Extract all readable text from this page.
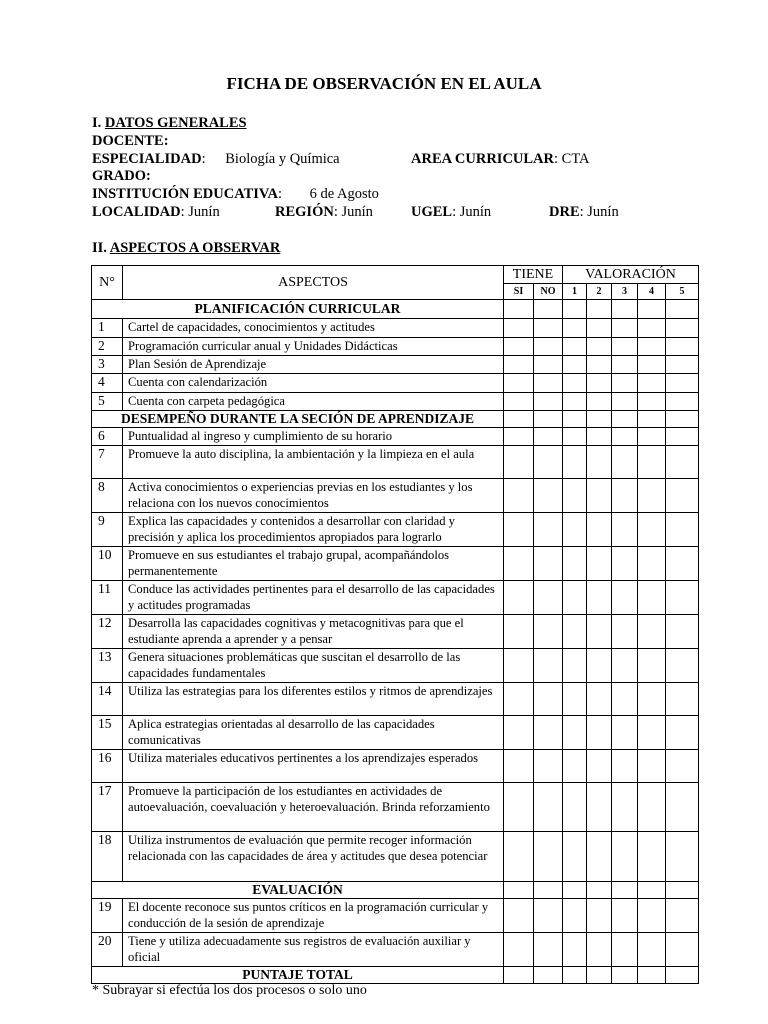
FICHA DE OBSERVACIÓN EN EL AULA
I. DATOS GENERALES
DOCENTE:
ESPECIALIDAD: Biología y Química	AREA CURRICULAR: CTA
GRADO:
INSTITUCIÓN EDUCATIVA: 6 de Agosto
LOCALIDAD: Junín	REGIÓN: Junín	UGEL: Junín	DRE: Junín
II. ASPECTOS A OBSERVAR
N°	ASPECTOS	TIENE		VALORACIÓN				
		SI	NO	1	2	3	4	5
PLANIFICACIÓN CURRICULAR								
1	Cartel de capacidades, conocimientos y actitudes							
2	Programación curricular anual y Unidades Didácticas							
3	Plan Sesión de Aprendizaje							
4	Cuenta con calendarización							
5	Cuenta con carpeta pedagógica							
DESEMPEÑO DURANTE LA SECIÓN DE APRENDIZAJE								
6	Puntualidad al ingreso y cumplimiento de su horario							
7	Promueve la auto disciplina, la ambientación y la limpieza en el aula							
8	Activa conocimientos o experiencias previas en los estudiantes y los relaciona con los nuevos conocimientos							
9	Explica las capacidades y contenidos a desarrollar con claridad y precisión y aplica los procedimientos apropiados para lograrlo							
10	Promueve en sus estudiantes el trabajo grupal, acompañándolos permanentemente							
11	Conduce las actividades pertinentes para el desarrollo de las capacidades y actitudes programadas							
12	Desarrolla las capacidades cognitivas y metacognitivas para que el estudiante aprenda a aprender y a pensar							
13	Genera situaciones problemáticas que suscitan el desarrollo de las capacidades fundamentales							
14	Utiliza las estrategias para los diferentes estilos y ritmos de aprendizajes							
15	Aplica estrategias orientadas al desarrollo de las capacidades comunicativas							
16	Utiliza materiales educativos pertinentes a los aprendizajes esperados							
17	Promueve la participación de los estudiantes en actividades de autoevaluación, coevaluación y heteroevaluación. Brinda reforzamiento							
18	Utiliza instrumentos de evaluación que permite recoger información relacionada con las capacidades de área y actitudes que desea potenciar							
EVALUACIÓN								
19	El docente reconoce sus puntos críticos en la programación curricular y conducción de la sesión de aprendizaje							
20	Tiene y utiliza adecuadamente sus registros de evaluación auxiliar y oficial							
PUNTAJE TOTAL								
* Subrayar si efectúa los dos procesos o solo uno
